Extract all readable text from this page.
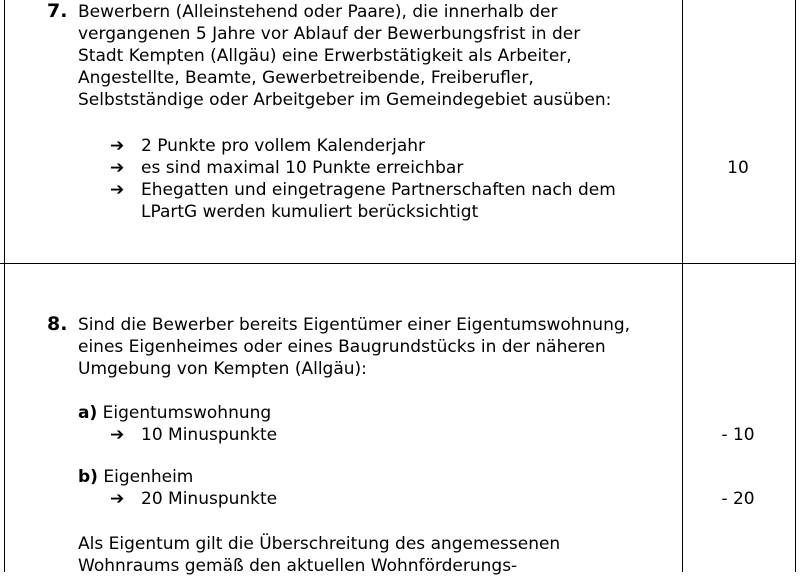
7. Bewerbern (Alleinstehend oder Paare), die innerhalb der
vergangenen 5 Jahre vor Ablauf der Bewerbungsfrist in der
Stadt Kempten (Allgäu) eine Erwerbstätigkeit als Arbeiter,
Angestellte, Beamte, Gewerbetreibende, Freiberufler,
Selbstständige oder Arbeitgeber im Gemeindegebiet ausüben:
➔ 2 Punkte pro vollem Kalenderjahr
➔ es sind maximal 10 Punkte erreichbar
➔ Ehegatten und eingetragene Partnerschaften nach dem
LPartG werden kumuliert berücksichtigt
10
8. Sind die Bewerber bereits Eigentümer einer Eigentumswohnung,
eines Eigenheimes oder eines Baugrundstücks in der näheren
Umgebung von Kempten (Allgäu):
a) Eigentumswohnung
➔ 10 Minuspunkte	- 10
b) Eigenheim
➔ 20 Minuspunkte	- 20
Als Eigentum gilt die Überschreitung des angemessenen
Wohnraums gemäß den aktuellen Wohnförderungs-
